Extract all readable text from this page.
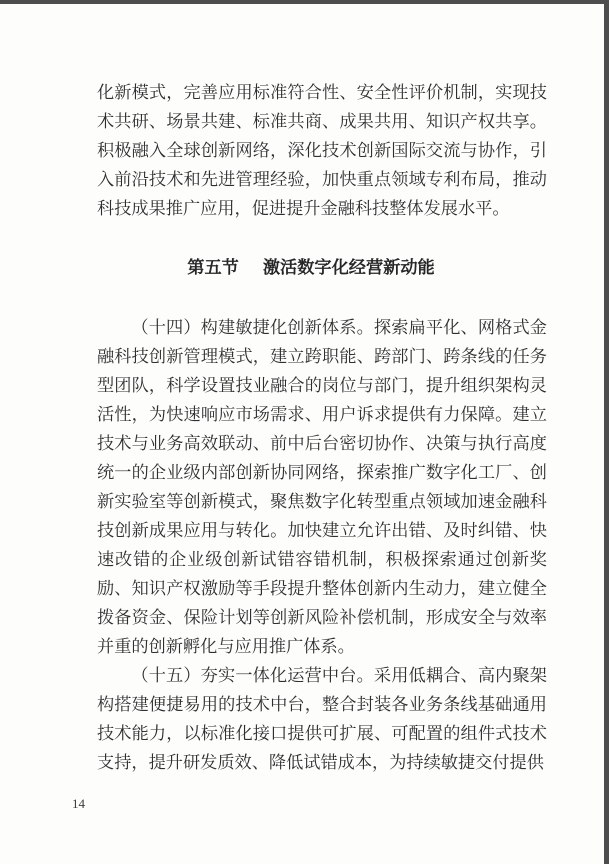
化新模式，完善应用标准符合性、安全性评价机制，实现技术共研、场景共建、标准共商、成果共用、知识产权共享。积极融入全球创新网络，深化技术创新国际交流与协作，引入前沿技术和先进管理经验，加快重点领域专利布局，推动科技成果推广应用，促进提升金融科技整体发展水平。

第五节 激活数字化经营新动能

（十四）构建敏捷化创新体系。探索扁平化、网格式金融科技创新管理模式，建立跨职能、跨部门、跨条线的任务型团队，科学设置技业融合的岗位与部门，提升组织架构灵活性，为快速响应市场需求、用户诉求提供有力保障。建立技术与业务高效联动、前中后台密切协作、决策与执行高度统一的企业级内部创新协同网络，探索推广数字化工厂、创新实验室等创新模式，聚焦数字化转型重点领域加速金融科技创新成果应用与转化。加快建立允许出错、及时纠错、快速改错的企业级创新试错容错机制，积极探索通过创新奖励、知识产权激励等手段提升整体创新内生动力，建立健全拨备资金、保险计划等创新风险补偿机制，形成安全与效率并重的创新孵化与应用推广体系。

（十五）夯实一体化运营中台。采用低耦合、高内聚架构搭建便捷易用的技术中台，整合封装各业务条线基础通用技术能力，以标准化接口提供可扩展、可配置的组件式技术支持，提升研发质效、降低试错成本，为持续敏捷交付提供

14
